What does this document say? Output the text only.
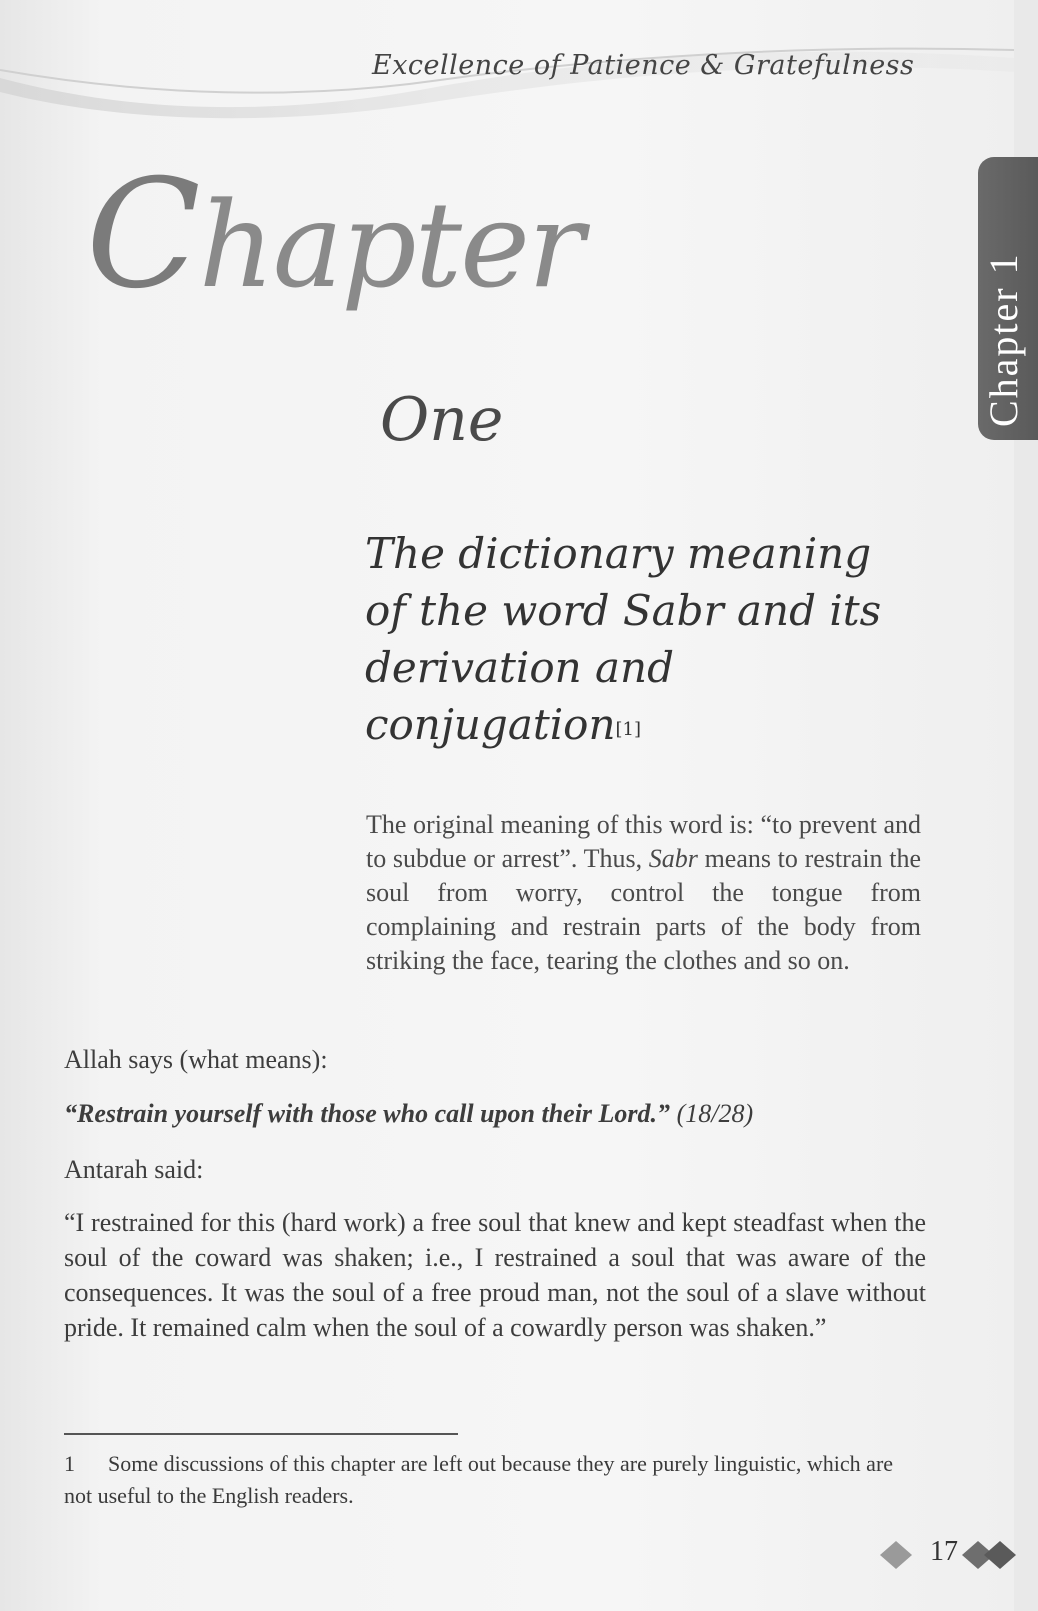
Excellence of Patience & Gratefulness
Chapter
One	Chapter 1
The dictionary meaning of the word Sabr and its derivation and conjugation[1]
The original meaning of this word is: “to prevent and to subdue or arrest”. Thus, Sabr means to restrain the soul from worry, control the tongue from complaining and restrain parts of the body from striking the face, tearing the clothes and so on.
Allah says (what means):
“Restrain yourself with those who call upon their Lord.” (18/28)
Antarah said:
“I restrained for this (hard work) a free soul that knew and kept steadfast when the soul of the coward was shaken; i.e., I restrained a soul that was aware of the consequences. It was the soul of a free proud man, not the soul of a slave without pride. It remained calm when the soul of a cowardly person was shaken.”
1 Some discussions of this chapter are left out because they are purely linguistic, which are not useful to the English readers.
17
